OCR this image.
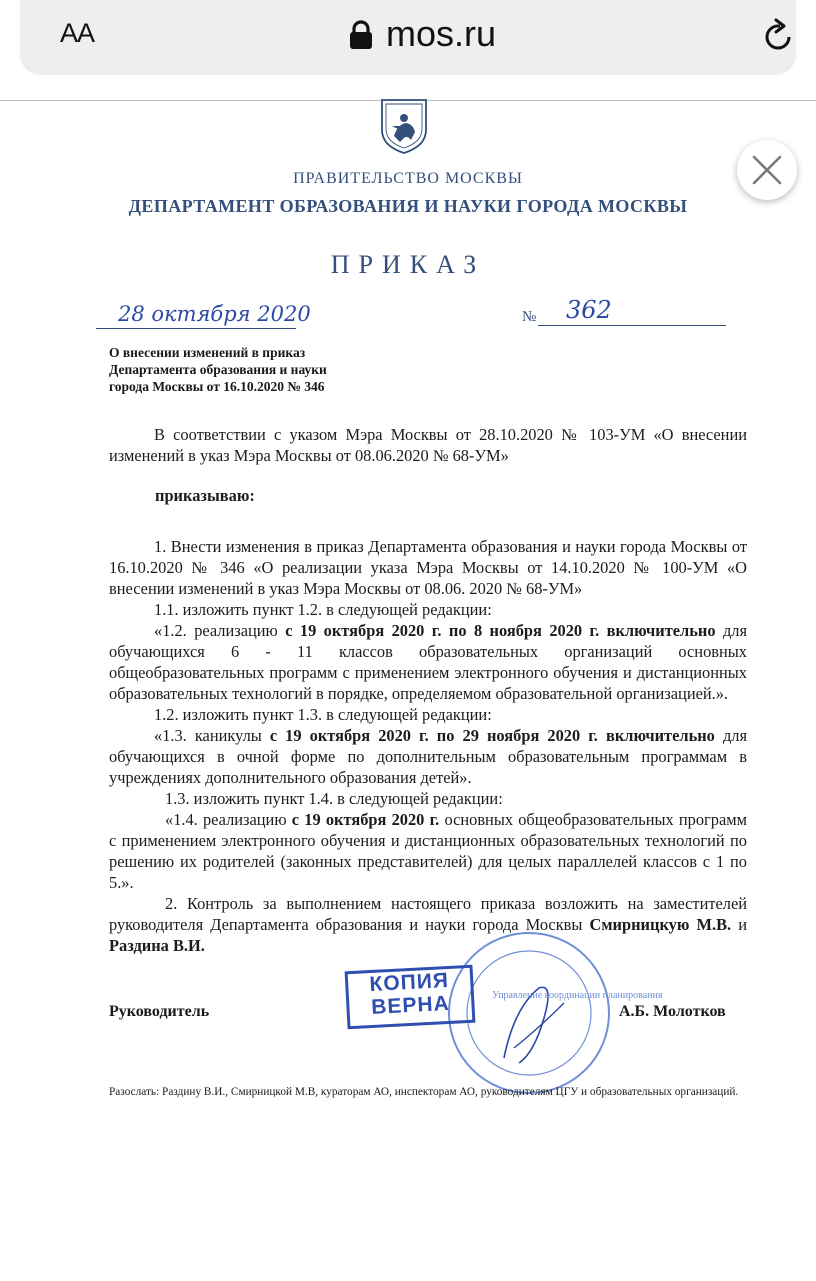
AA	mos.ru
ПРАВИТЕЛЬСТВО МОСКВЫ
ДЕПАРТАМЕНТ ОБРАЗОВАНИЯ И НАУКИ ГОРОДА МОСКВЫ
ПРИКАЗ
28 октября 2020	№ 362
О внесении изменений в приказ
Департамента образования и науки
города Москвы от 16.10.2020 № 346

В соответствии с указом Мэра Москвы от 28.10.2020 № 103-УМ «О внесении изменений в указ Мэра Москвы от 08.06.2020 № 68-УМ»

приказываю:

1. Внести изменения в приказ Департамента образования и науки города Москвы от 16.10.2020 № 346 «О реализации указа Мэра Москвы от 14.10.2020 № 100-УМ «О внесении изменений в указ Мэра Москвы от 08.06. 2020 № 68-УМ»

1.1. изложить пункт 1.2. в следующей редакции:

«1.2. реализацию с 19 октября 2020 г. по 8 ноября 2020 г. включительно для обучающихся 6 - 11 классов образовательных организаций основных общеобразовательных программ с применением электронного обучения и дистанционных образовательных технологий в порядке, определяемом образовательной организацией.».

1.2. изложить пункт 1.3. в следующей редакции:

«1.3. каникулы с 19 октября 2020 г. по 29 ноября 2020 г. включительно для обучающихся в очной форме по дополнительным образовательным программам в учреждениях дополнительного образования детей».

1.3. изложить пункт 1.4. в следующей редакции:

«1.4. реализацию с 19 октября 2020 г. основных общеобразовательных программ с применением электронного обучения и дистанционных образовательных технологий по решению их родителей (законных представителей) для целых параллелей классов с 1 по 5.».

2. Контроль за выполнением настоящего приказа возложить на заместителей руководителя Департамента образования и науки города Москвы Смирницкую М.В. и Раздина В.И.

Руководитель	А.Б. Молотков
Управление координации планирования
КОПИЯ
ВЕРНА
Разослать: Раздину В.И., Смирницкой М.В, кураторам АО, инспекторам АО, руководителям ЦГУ и образовательных организаций.
